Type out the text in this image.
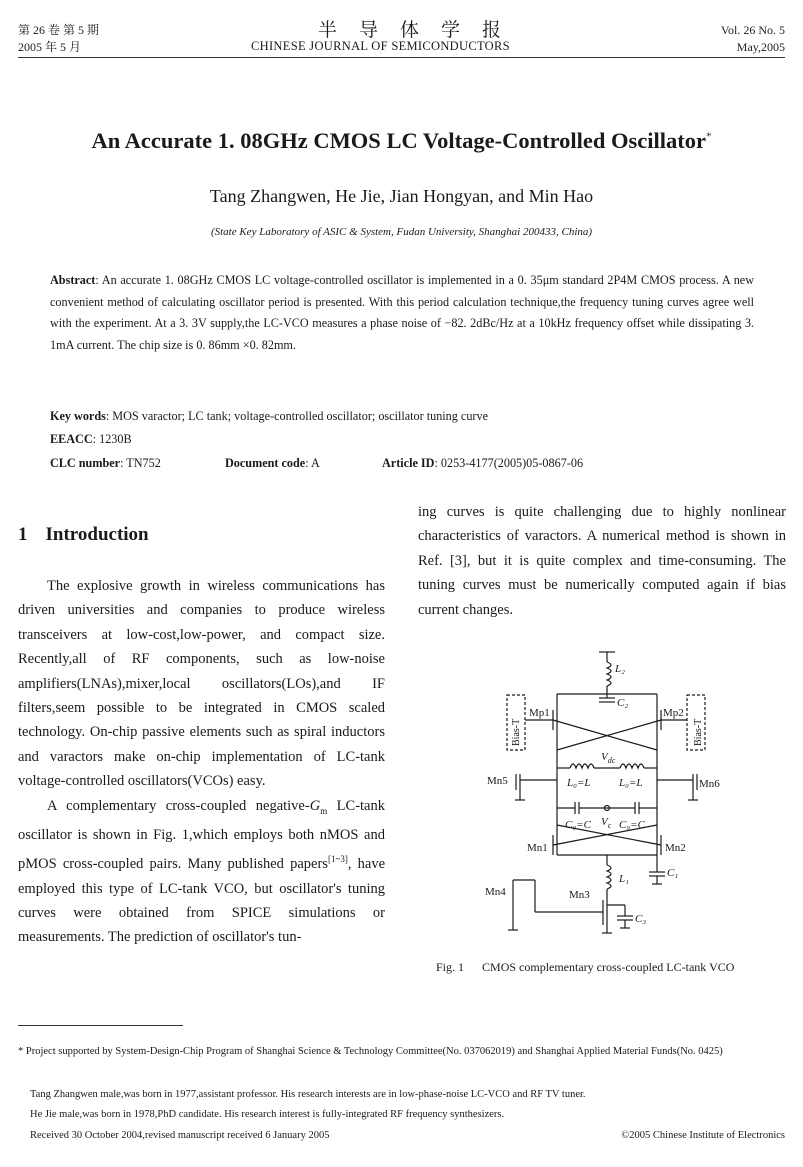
第 26 卷 第 5 期
2005 年 5 月
半导体学报
CHINESE JOURNAL OF SEMICONDUCTORS
Vol. 26 No. 5
May,2005
An Accurate 1. 08GHz CMOS LC Voltage-Controlled Oscillator*
Tang Zhangwen, He Jie, Jian Hongyan, and Min Hao
(State Key Laboratory of ASIC & System, Fudan University, Shanghai 200433, China)
Abstract: An accurate 1. 08GHz CMOS LC voltage-controlled oscillator is implemented in a 0. 35μm standard 2P4M CMOS process. A new convenient method of calculating oscillator period is presented. With this period calculation technique,the frequency tuning curves agree well with the experiment. At a 3. 3V supply,the LC-VCO measures a phase noise of −82. 2dBc/Hz at a 10kHz frequency offset while dissipating 3. 1mA current. The chip size is 0. 86mm ×0. 82mm.
Key words: MOS varactor; LC tank; voltage-controlled oscillator; oscillator tuning curve
EEACC: 1230B
CLC number: TN752	Document code: A	Article ID: 0253-4177(2005)05-0867-06
1 Introduction

The explosive growth in wireless communications has driven universities and companies to produce wireless transceivers at low-cost,low-power, and compact size. Recently,all of RF components, such as low-noise amplifiers(LNAs),mixer,local oscillators(LOs),and IF filters,seem possible to be integrated in CMOS scaled technology. On-chip passive elements such as spiral inductors and varactors make on-chip implementation of LC-tank voltage-controlled oscillators(VCOs) easy.

A complementary cross-coupled negative-$G_m$ LC-tank oscillator is shown in Fig. 1,which employs both nMOS and pMOS cross-coupled pairs. Many published papers[1~3], have employed this type of LC-tank VCO, but oscillator's tuning curves were obtained from SPICE simulations or measurements. The prediction of oscillator's tun-

ing curves is quite challenging due to highly nonlinear characteristics of varactors. A numerical method is shown in Ref. [3], but it is quite complex and time-consuming. The tuning curves must be numerically computed again if bias current changes.

L₂
C₂
Bias-T	Bias-T
Mp1	Mp2
$V_{dc}$
Mn5	Mn6
L₀=L	L₀=L
C₀=C	C₀=C
$V_c$
Mn1	Mn2
L₁	C₁
Mn3
C₃
Mn4
Fig. 1 CMOS complementary cross-coupled LC-tank VCO
* Project supported by System-Design-Chip Program of Shanghai Science & Technology Committee(No. 037062019) and Shanghai Applied Material Funds(No. 0425)
Tang Zhangwen male,was born in 1977,assistant professor. His research interests are in low-phase-noise LC-VCO and RF TV tuner.
He Jie male,was born in 1978,PhD candidate. His research interest is fully-integrated RF frequency synthesizers.
Received 30 October 2004,revised manuscript received 6 January 2005	©2005 Chinese Institute of Electronics
